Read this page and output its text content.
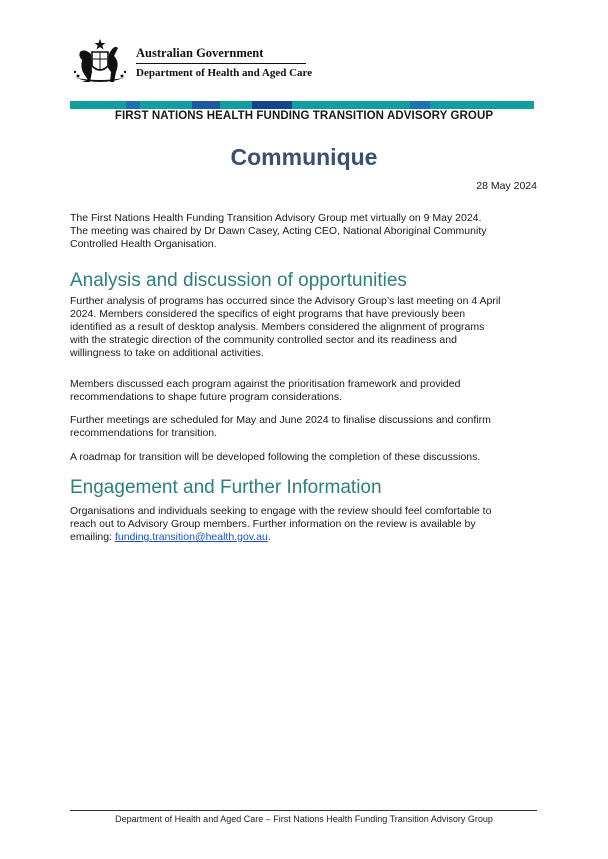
Australian Government
Department of Health and Aged Care
FIRST NATIONS HEALTH FUNDING TRANSITION ADVISORY GROUP
Communique
28 May 2024

The First Nations Health Funding Transition Advisory Group met virtually on 9 May 2024.

The meeting was chaired by Dr Dawn Casey, Acting CEO, National Aboriginal Community

Controlled Health Organisation.

Analysis and discussion of opportunities

Further analysis of programs has occurred since the Advisory Group’s last meeting on 4 April

2024. Members considered the specifics of eight programs that have previously been

identified as a result of desktop analysis. Members considered the alignment of programs

with the strategic direction of the community controlled sector and its readiness and

willingness to take on additional activities.

Members discussed each program against the prioritisation framework and provided

recommendations to shape future program considerations.

Further meetings are scheduled for May and June 2024 to finalise discussions and confirm

recommendations for transition.

A roadmap for transition will be developed following the completion of these discussions.

Engagement and Further Information

Organisations and individuals seeking to engage with the review should feel comfortable to

reach out to Advisory Group members. Further information on the review is available by

emailing: funding.transition@health.gov.au.

Department of Health and Aged Care – First Nations Health Funding Transition Advisory Group
